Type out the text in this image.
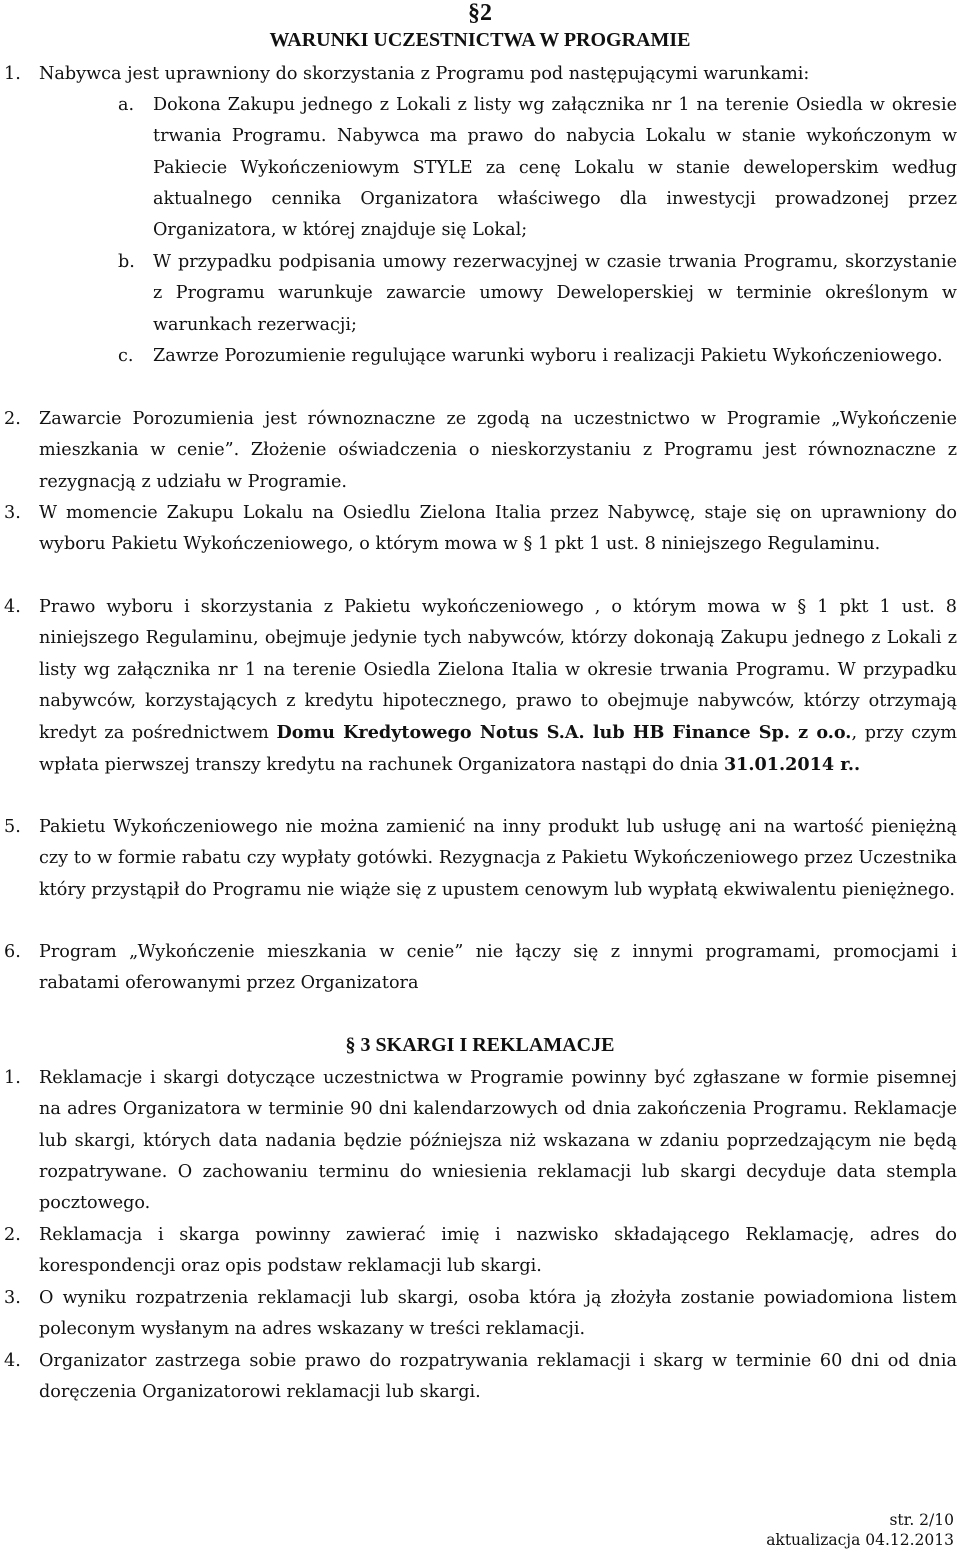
§2
WARUNKI UCZESTNICTWA W PROGRAMIE
1. Nabywca jest uprawniony do skorzystania z Programu pod następującymi warunkami:
a. Dokona Zakupu jednego z Lokali z listy wg załącznika nr 1 na terenie Osiedla w okresie trwania Programu. Nabywca ma prawo do nabycia Lokalu w stanie wykończonym w Pakiecie Wykończeniowym STYLE za cenę Lokalu w stanie deweloperskim według aktualnego cennika Organizatora właściwego dla inwestycji prowadzonej przez Organizatora, w której znajduje się Lokal;
b. W przypadku podpisania umowy rezerwacyjnej w czasie trwania Programu, skorzystanie z Programu warunkuje zawarcie umowy Deweloperskiej w terminie określonym w warunkach rezerwacji;
c. Zawrze Porozumienie regulujące warunki wyboru i realizacji Pakietu Wykończeniowego.
2. Zawarcie Porozumienia jest równoznaczne ze zgodą na uczestnictwo w Programie „Wykończenie mieszkania w cenie”. Złożenie oświadczenia o nieskorzystaniu z Programu jest równoznaczne z rezygnacją z udziału w Programie.
3. W momencie Zakupu Lokalu na Osiedlu Zielona Italia przez Nabywcę, staje się on uprawniony do wyboru Pakietu Wykończeniowego, o którym mowa w § 1 pkt 1 ust. 8 niniejszego Regulaminu.
4. Prawo wyboru i skorzystania z Pakietu wykończeniowego , o którym mowa w § 1 pkt 1 ust. 8 niniejszego Regulaminu, obejmuje jedynie tych nabywców, którzy dokonają Zakupu jednego z Lokali z listy wg załącznika nr 1 na terenie Osiedla Zielona Italia w okresie trwania Programu. W przypadku nabywców, korzystających z kredytu hipotecznego, prawo to obejmuje nabywców, którzy otrzymają kredyt za pośrednictwem Domu Kredytowego Notus S.A. lub HB Finance Sp. z o.o., przy czym wpłata pierwszej transzy kredytu na rachunek Organizatora nastąpi do dnia 31.01.2014 r..
5. Pakietu Wykończeniowego nie można zamienić na inny produkt lub usługę ani na wartość pieniężną czy to w formie rabatu czy wypłaty gotówki. Rezygnacja z Pakietu Wykończeniowego przez Uczestnika który przystąpił do Programu nie wiąże się z upustem cenowym lub wypłatą ekwiwalentu pieniężnego.
6. Program „Wykończenie mieszkania w cenie” nie łączy się z innymi programami, promocjami i rabatami oferowanymi przez Organizatora
§ 3 SKARGI I REKLAMACJE
1. Reklamacje i skargi dotyczące uczestnictwa w Programie powinny być zgłaszane w formie pisemnej na adres Organizatora w terminie 90 dni kalendarzowych od dnia zakończenia Programu. Reklamacje lub skargi, których data nadania będzie późniejsza niż wskazana w zdaniu poprzedzającym nie będą rozpatrywane. O zachowaniu terminu do wniesienia reklamacji lub skargi decyduje data stempla pocztowego.
2. Reklamacja i skarga powinny zawierać imię i nazwisko składającego Reklamację, adres do korespondencji oraz opis podstaw reklamacji lub skargi.
3. O wyniku rozpatrzenia reklamacji lub skargi, osoba która ją złożyła zostanie powiadomiona listem poleconym wysłanym na adres wskazany w treści reklamacji.
4. Organizator zastrzega sobie prawo do rozpatrywania reklamacji i skarg w terminie 60 dni od dnia doręczenia Organizatorowi reklamacji lub skargi.
str. 2/10
aktualizacja 04.12.2013
